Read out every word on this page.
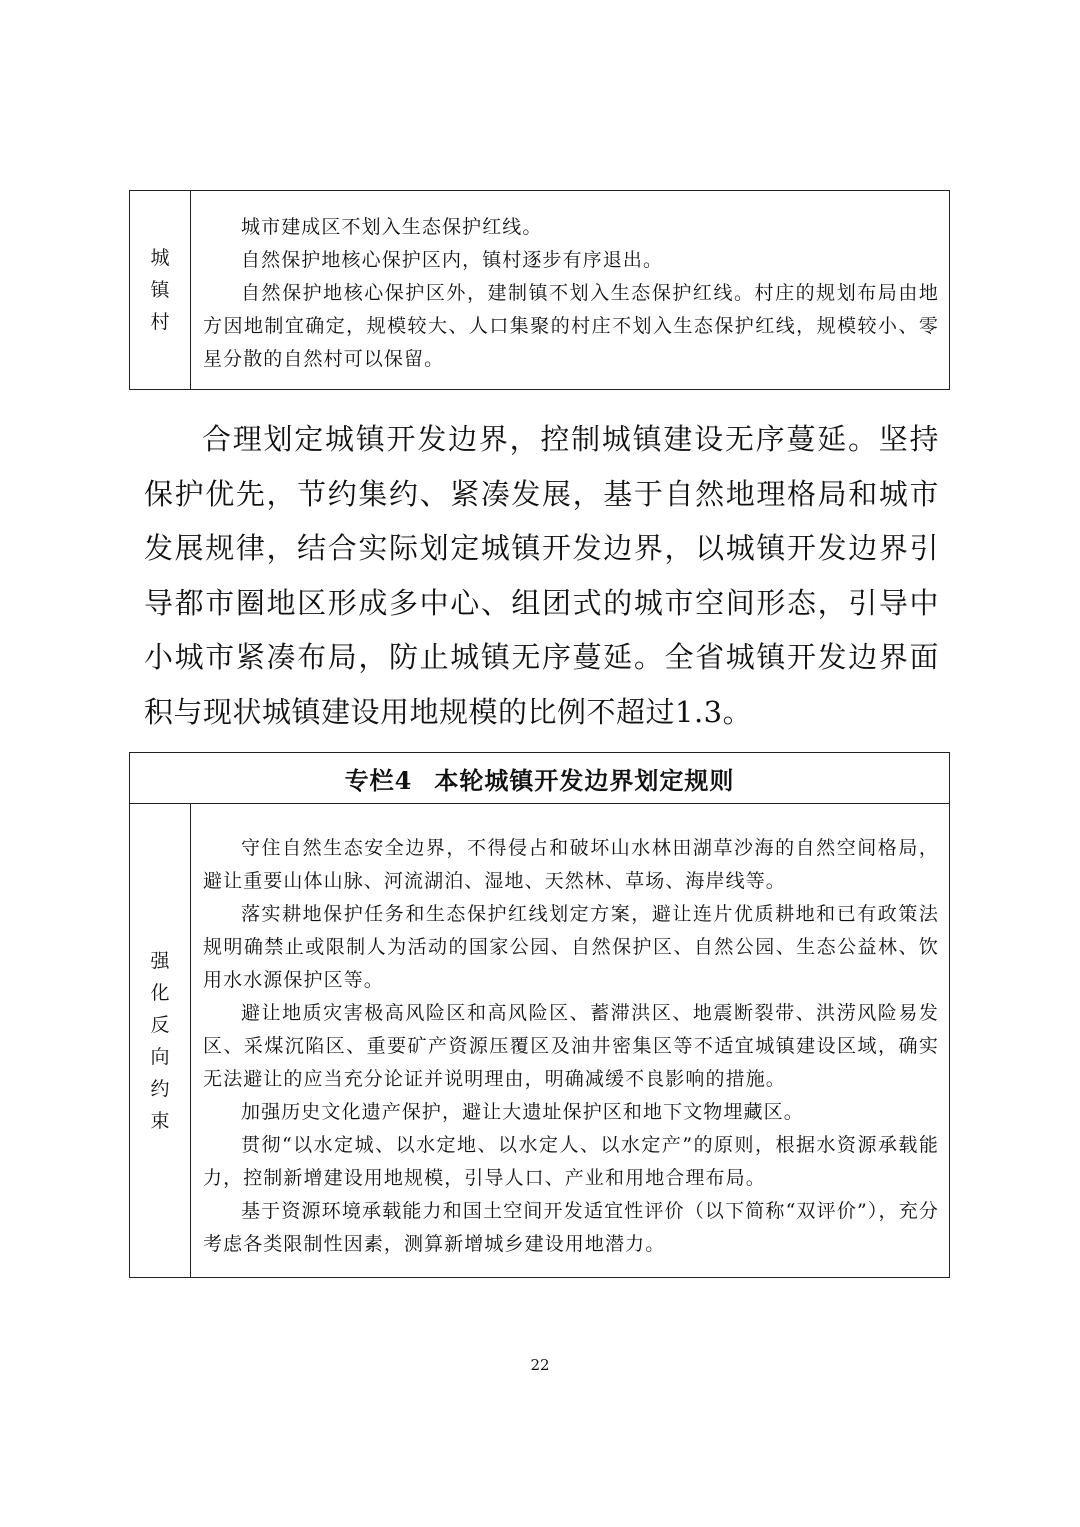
城
镇
村

城市建成区不划入生态保护红线。

自然保护地核心保护区内，镇村逐步有序退出。

自然保护地核心保护区外，建制镇不划入生态保护红线。村庄的规划布局由地方因地制宜确定，规模较大、人口集聚的村庄不划入生态保护红线，规模较小、零星分散的自然村可以保留。

合理划定城镇开发边界，控制城镇建设无序蔓延。坚持保护优先，节约集约、紧凑发展，基于自然地理格局和城市发展规律，结合实际划定城镇开发边界，以城镇开发边界引导都市圈地区形成多中心、组团式的城市空间形态，引导中小城市紧凑布局，防止城镇无序蔓延。全省城镇开发边界面积与现状城镇建设用地规模的比例不超过1.3。

专栏4 本轮城镇开发边界划定规则
强
化
反
向
约
束

守住自然生态安全边界，不得侵占和破坏山水林田湖草沙海的自然空间格局，避让重要山体山脉、河流湖泊、湿地、天然林、草场、海岸线等。

落实耕地保护任务和生态保护红线划定方案，避让连片优质耕地和已有政策法规明确禁止或限制人为活动的国家公园、自然保护区、自然公园、生态公益林、饮用水水源保护区等。

避让地质灾害极高风险区和高风险区、蓄滞洪区、地震断裂带、洪涝风险易发区、采煤沉陷区、重要矿产资源压覆区及油井密集区等不适宜城镇建设区域，确实无法避让的应当充分论证并说明理由，明确减缓不良影响的措施。

加强历史文化遗产保护，避让大遗址保护区和地下文物埋藏区。

贯彻“以水定城、以水定地、以水定人、以水定产”的原则，根据水资源承载能力，控制新增建设用地规模，引导人口、产业和用地合理布局。

基于资源环境承载能力和国土空间开发适宜性评价（以下简称“双评价”），充分考虑各类限制性因素，测算新增城乡建设用地潜力。

22
